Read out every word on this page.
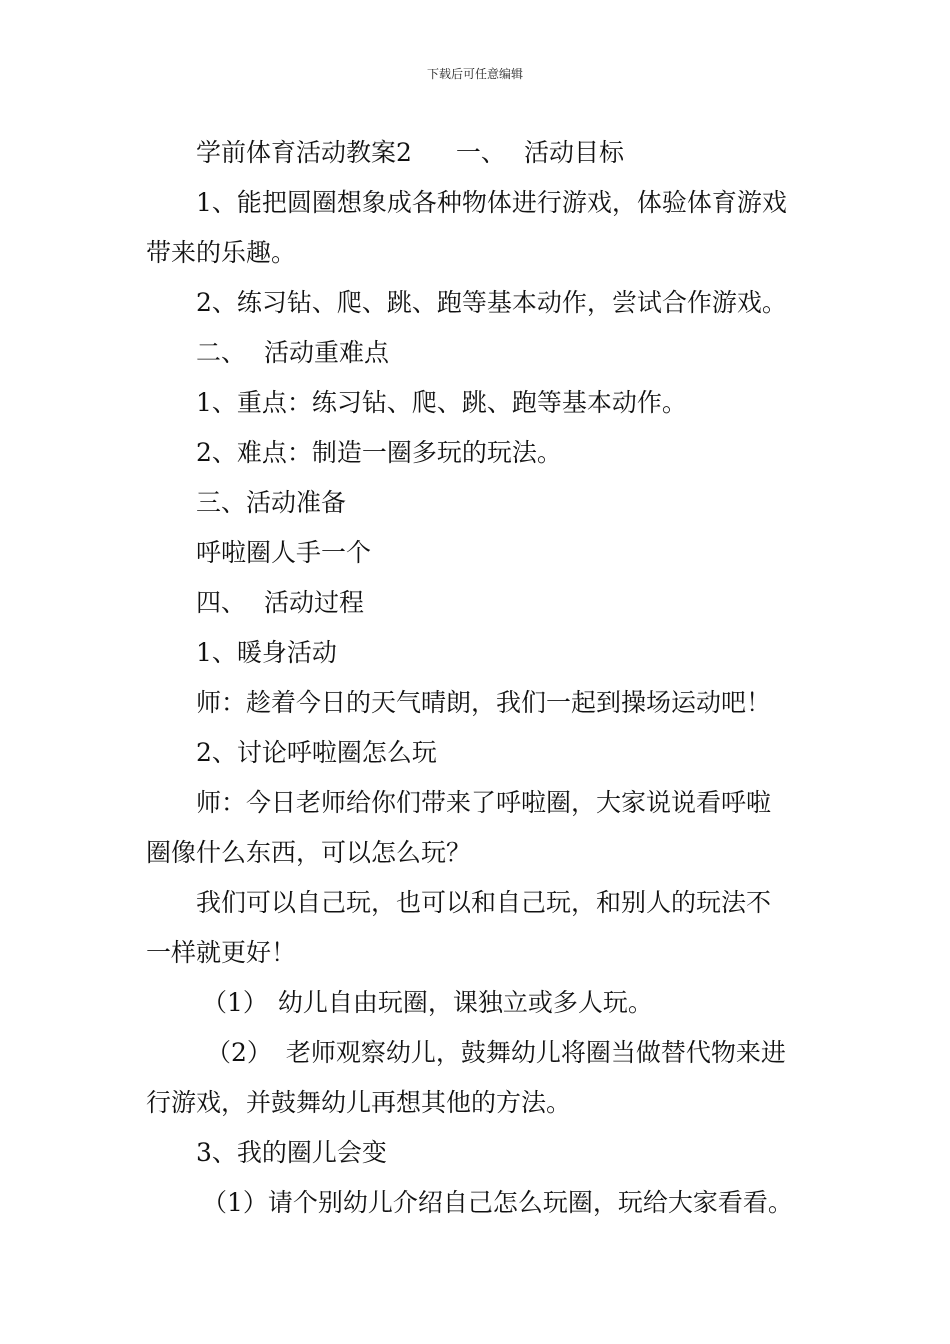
下载后可任意编辑
学前体育活动教案2 一、 活动目标
1、能把圆圈想象成各种物体进行游戏，体验体育游戏
带来的乐趣。
2、练习钻、爬、跳、跑等基本动作，尝试合作游戏。
二、 活动重难点
1、重点：练习钻、爬、跳、跑等基本动作。
2、难点：制造一圈多玩的玩法。
三、活动准备
呼啦圈人手一个
四、 活动过程
1、暖身活动
师：趁着今日的天气晴朗，我们一起到操场运动吧！
2、讨论呼啦圈怎么玩
师：今日老师给你们带来了呼啦圈，大家说说看呼啦
圈像什么东西，可以怎么玩？
我们可以自己玩，也可以和自己玩，和别人的玩法不
一样就更好！
（1） 幼儿自由玩圈，课独立或多人玩。
（2） 老师观察幼儿，鼓舞幼儿将圈当做替代物来进
行游戏，并鼓舞幼儿再想其他的方法。
3、我的圈儿会变
（1）请个别幼儿介绍自己怎么玩圈，玩给大家看看。
